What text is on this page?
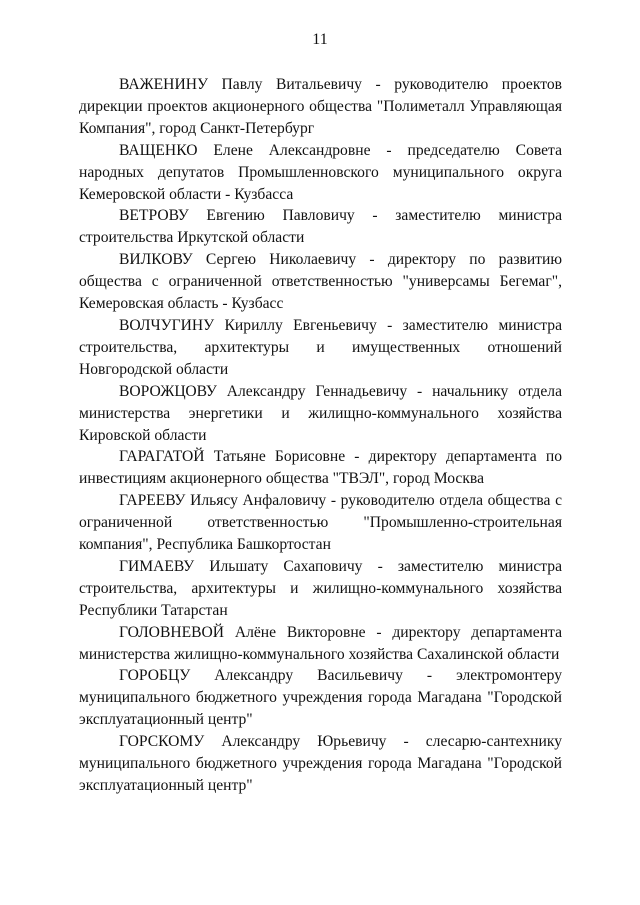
11

ВАЖЕНИНУ Павлу Витальевичу - руководителю проектов дирекции проектов акционерного общества "Полиметалл Управляющая Компания", город Санкт-Петербург

ВАЩЕНКО Елене Александровне - председателю Совета народных депутатов Промышленновского муниципального округа Кемеровской области - Кузбасса

ВЕТРОВУ Евгению Павловичу - заместителю министра строительства Иркутской области

ВИЛКОВУ Сергею Николаевичу - директору по развитию общества с ограниченной ответственностью "универсамы Бегемаг", Кемеровская область - Кузбасс

ВОЛЧУГИНУ Кириллу Евгеньевичу - заместителю министра строительства, архитектуры и имущественных отношений Новгородской области

ВОРОЖЦОВУ Александру Геннадьевичу - начальнику отдела министерства энергетики и жилищно-коммунального хозяйства Кировской области

ГАРАГАТОЙ Татьяне Борисовне - директору департамента по инвестициям акционерного общества "ТВЭЛ", город Москва

ГАРЕЕВУ Ильясу Анфаловичу - руководителю отдела общества с ограниченной ответственностью "Промышленно-строительная компания", Республика Башкортостан

ГИМАЕВУ Ильшату Сахаповичу - заместителю министра строительства, архитектуры и жилищно-коммунального хозяйства Республики Татарстан

ГОЛОВНЕВОЙ Алёне Викторовне - директору департамента министерства жилищно-коммунального хозяйства Сахалинской области

ГОРОБЦУ Александру Васильевичу - электромонтеру муниципального бюджетного учреждения города Магадана "Городской эксплуатационный центр"

ГОРСКОМУ Александру Юрьевичу - слесарю-сантехнику муниципального бюджетного учреждения города Магадана "Городской эксплуатационный центр"
